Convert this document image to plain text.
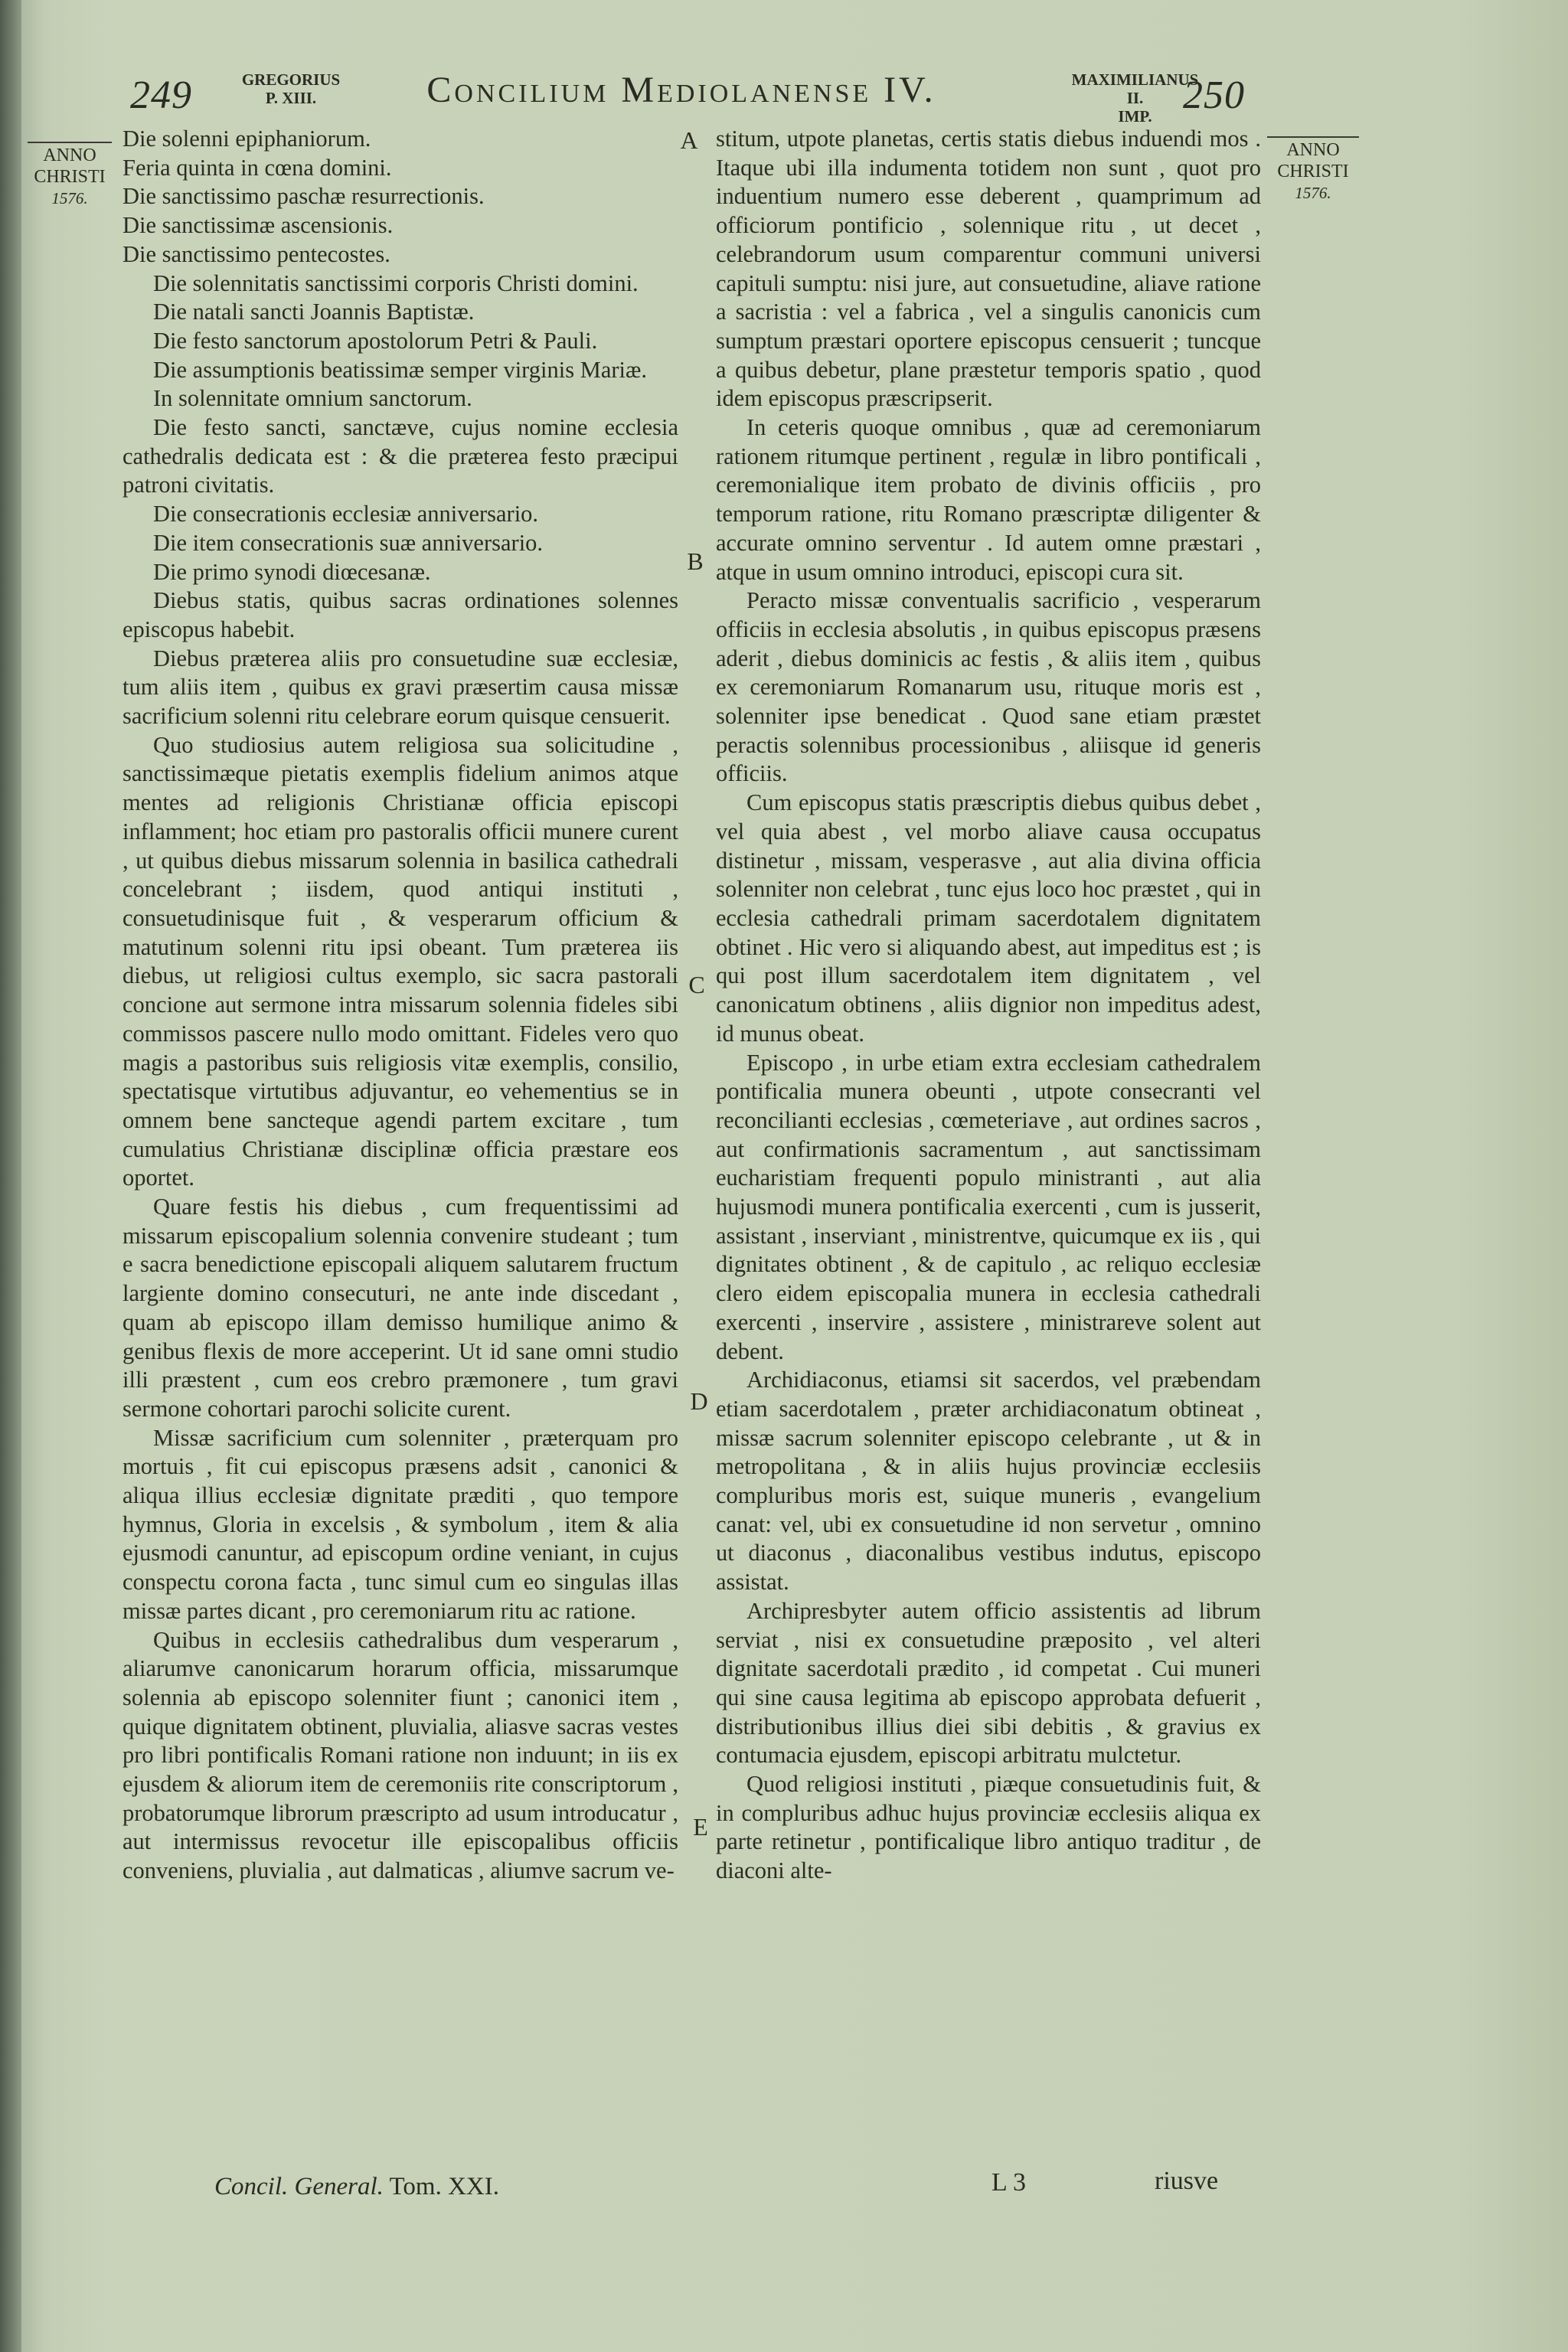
249	GREGORIUS
P. XIII.	Concilium Mediolanense IV.	MAXIMILIANUS II.
IMP. 250
ANNO
CHRISTI
1576.
ANNO
CHRISTI
1576.
A
B
C
D
E

Die solenni epiphaniorum.

Feria quinta in cœna domini.

Die sanctissimo paschæ resurrectionis.

Die sanctissimæ ascensionis.

Die sanctissimo pentecostes.

Die solennitatis sanctissimi corporis Christi domini.

Die natali sancti Joannis Baptistæ.

Die festo sanctorum apostolorum Petri & Pauli.

Die assumptionis beatissimæ semper virginis Mariæ.

In solennitate omnium sanctorum.

Die festo sancti, sanctæve, cujus nomine ecclesia cathedralis dedicata est : & die præterea festo præcipui patroni civitatis.

Die consecrationis ecclesiæ anniversario.

Die item consecrationis suæ anniversario.

Die primo synodi diœcesanæ.

Diebus statis, quibus sacras ordinationes solennes episcopus habebit.

Diebus præterea aliis pro consuetudine suæ ecclesiæ, tum aliis item , quibus ex gravi præsertim causa missæ sacrificium solenni ritu celebrare eorum quisque censuerit.

Quo studiosius autem religiosa sua solicitudine , sanctissimæque pietatis exemplis fidelium animos atque mentes ad religionis Christianæ officia episcopi inflamment; hoc etiam pro pastoralis officii munere curent , ut quibus diebus missarum solennia in basilica cathedrali concelebrant ; iisdem, quod antiqui instituti , consuetudinisque fuit , & vesperarum officium & matutinum solenni ritu ipsi obeant. Tum præterea iis diebus, ut religiosi cultus exemplo, sic sacra pastorali concione aut sermone intra missarum solennia fideles sibi commissos pascere nullo modo omittant. Fideles vero quo magis a pastoribus suis religiosis vitæ exemplis, consilio, spectatisque virtutibus adjuvantur, eo vehementius se in omnem bene sancteque agendi partem excitare , tum cumulatius Christianæ disciplinæ officia præstare eos oportet.

Quare festis his diebus , cum frequentissimi ad missarum episcopalium solennia convenire studeant ; tum e sacra benedictione episcopali aliquem salutarem fructum largiente domino consecuturi, ne ante inde discedant , quam ab episcopo illam demisso humilique animo & genibus flexis de more acceperint. Ut id sane omni studio illi præstent , cum eos crebro præmonere , tum gravi sermone cohortari parochi solicite curent.

Missæ sacrificium cum solenniter , præterquam pro mortuis , fit cui episcopus præsens adsit , canonici & aliqua illius ecclesiæ dignitate præditi , quo tempore hymnus, Gloria in excelsis , & symbolum , item & alia ejusmodi canuntur, ad episcopum ordine veniant, in cujus conspectu corona facta , tunc simul cum eo singulas illas missæ partes dicant , pro ceremoniarum ritu ac ratione.

Quibus in ecclesiis cathedralibus dum vesperarum , aliarumve canonicarum horarum officia, missarumque solennia ab episcopo solenniter fiunt ; canonici item , quique dignitatem obtinent, pluvialia, aliasve sacras vestes pro libri pontificalis Romani ratione non induunt; in iis ex ejusdem & aliorum item de ceremoniis rite conscriptorum , probatorumque librorum præscripto ad usum introducatur , aut intermissus revocetur ille episcopalibus officiis conveniens, pluvialia , aut dalmaticas , aliumve sacrum ve-

stitum, utpote planetas, certis statis diebus induendi mos . Itaque ubi illa indumenta totidem non sunt , quot pro induentium numero esse deberent , quamprimum ad officiorum pontificio , solennique ritu , ut decet , celebrandorum usum comparentur communi universi capituli sumptu: nisi jure, aut consuetudine, aliave ratione a sacristia : vel a fabrica , vel a singulis canonicis cum sumptum præstari oportere episcopus censuerit ; tuncque a quibus debetur, plane præstetur temporis spatio , quod idem episcopus præscripserit.

In ceteris quoque omnibus , quæ ad ceremoniarum rationem ritumque pertinent , regulæ in libro pontificali , ceremonialique item probato de divinis officiis , pro temporum ratione, ritu Romano præscriptæ diligenter & accurate omnino serventur . Id autem omne præstari , atque in usum omnino introduci, episcopi cura sit.

Peracto missæ conventualis sacrificio , vesperarum officiis in ecclesia absolutis , in quibus episcopus præsens aderit , diebus dominicis ac festis , & aliis item , quibus ex ceremoniarum Romanarum usu, rituque moris est , solenniter ipse benedicat . Quod sane etiam præstet peractis solennibus processionibus , aliisque id generis officiis.

Cum episcopus statis præscriptis diebus quibus debet , vel quia abest , vel morbo aliave causa occupatus distinetur , missam, vesperasve , aut alia divina officia solenniter non celebrat , tunc ejus loco hoc præstet , qui in ecclesia cathedrali primam sacerdotalem dignitatem obtinet . Hic vero si aliquando abest, aut impeditus est ; is qui post illum sacerdotalem item dignitatem , vel canonicatum obtinens , aliis dignior non impeditus adest, id munus obeat.

Episcopo , in urbe etiam extra ecclesiam cathedralem pontificalia munera obeunti , utpote consecranti vel reconcilianti ecclesias , cœmeteriave , aut ordines sacros , aut confirmationis sacramentum , aut sanctissimam eucharistiam frequenti populo ministranti , aut alia hujusmodi munera pontificalia exercenti , cum is jusserit, assistant , inserviant , ministrentve, quicumque ex iis , qui dignitates obtinent , & de capitulo , ac reliquo ecclesiæ clero eidem episcopalia munera in ecclesia cathedrali exercenti , inservire , assistere , ministrareve solent aut debent.

Archidiaconus, etiamsi sit sacerdos, vel præbendam etiam sacerdotalem , præter archidiaconatum obtineat , missæ sacrum solenniter episcopo celebrante , ut & in metropolitana , & in aliis hujus provinciæ ecclesiis compluribus moris est, suique muneris , evangelium canat: vel, ubi ex consuetudine id non servetur , omnino ut diaconus , diaconalibus vestibus indutus, episcopo assistat.

Archipresbyter autem officio assistentis ad librum serviat , nisi ex consuetudine præposito , vel alteri dignitate sacerdotali prædito , id competat . Cui muneri qui sine causa legitima ab episcopo approbata defuerit , distributionibus illius diei sibi debitis , & gravius ex contumacia ejusdem, episcopi arbitratu mulctetur.

Quod religiosi instituti , piæque consuetudinis fuit, & in compluribus adhuc hujus provinciæ ecclesiis aliqua ex parte retinetur , pontificalique libro antiquo traditur , de diaconi alte-

Concil. General. Tom. XXI.	L 3	riusve
